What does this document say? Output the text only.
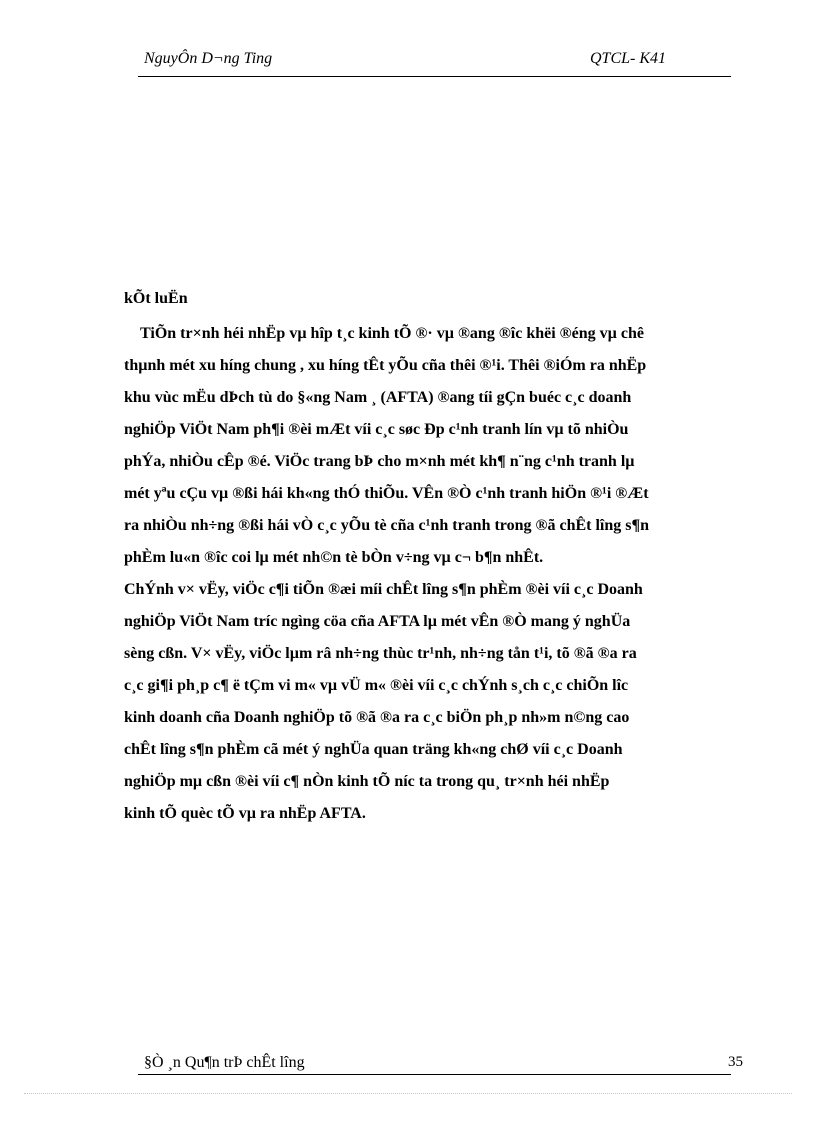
NguyÔn D¬ng Ting	QTCL- K41
kÕt luËn
TiÕn tr×nh héi nhËp vµ hîp t¸c kinh tÕ ®· vµ ®ang ®îc khëi ®éng vµ chê
thµnh mét xu híng chung , xu híng tÊt yÕu cña thêi ®¹i. Thêi ®iÓm ra nhËp
khu vùc mËu dÞch tù do §«ng Nam ¸ (AFTA) ®ang tíi gÇn buéc c¸c doanh
nghiÖp ViÖt Nam ph¶i ®èi mÆt víi c¸c søc Ðp c¹nh tranh lín vµ tõ nhiÒu
phÝa, nhiÒu cÊp ®é. ViÖc trang bÞ cho m×nh mét kh¶ n¨ng c¹nh tranh lµ
mét yªu cÇu vµ ®ßi hái kh«ng thÓ thiÕu. VÊn ®Ò c¹nh tranh hiÖn ®¹i ®Æt
ra nhiÒu nh÷ng ®ßi hái vÒ c¸c yÕu tè cña c¹nh tranh trong ®ã chÊt lîng s¶n
phÈm lu«n ®îc coi lµ mét nh©n tè bÒn v÷ng vµ c¬ b¶n nhÊt.
ChÝnh v× vËy, viÖc c¶i tiÕn ®æi míi chÊt lîng s¶n phÈm ®èi víi c¸c Doanh
nghiÖp ViÖt Nam tríc ngìng cöa cña AFTA lµ mét vÊn ®Ò mang ý nghÜa
sèng cßn. V× vËy, viÖc lµm râ nh÷ng thùc tr¹nh, nh÷ng tån t¹i, tõ ®ã ®a ra
c¸c gi¶i ph¸p c¶ ë tÇm vi m« vµ vÜ m« ®èi víi c¸c chÝnh s¸ch c¸c chiÕn lîc
kinh doanh cña Doanh nghiÖp tõ ®ã ®a ra c¸c biÖn ph¸p nh»m n©ng cao
chÊt lîng s¶n phÈm cã mét ý nghÜa quan träng kh«ng chØ víi c¸c Doanh
nghiÖp mµ cßn ®èi víi c¶ nÒn kinh tÕ níc ta trong qu¸ tr×nh héi nhËp
kinh tÕ quèc tÕ vµ ra nhËp AFTA.
§Ò ¸n Qu¶n trÞ chÊt lîng	35
